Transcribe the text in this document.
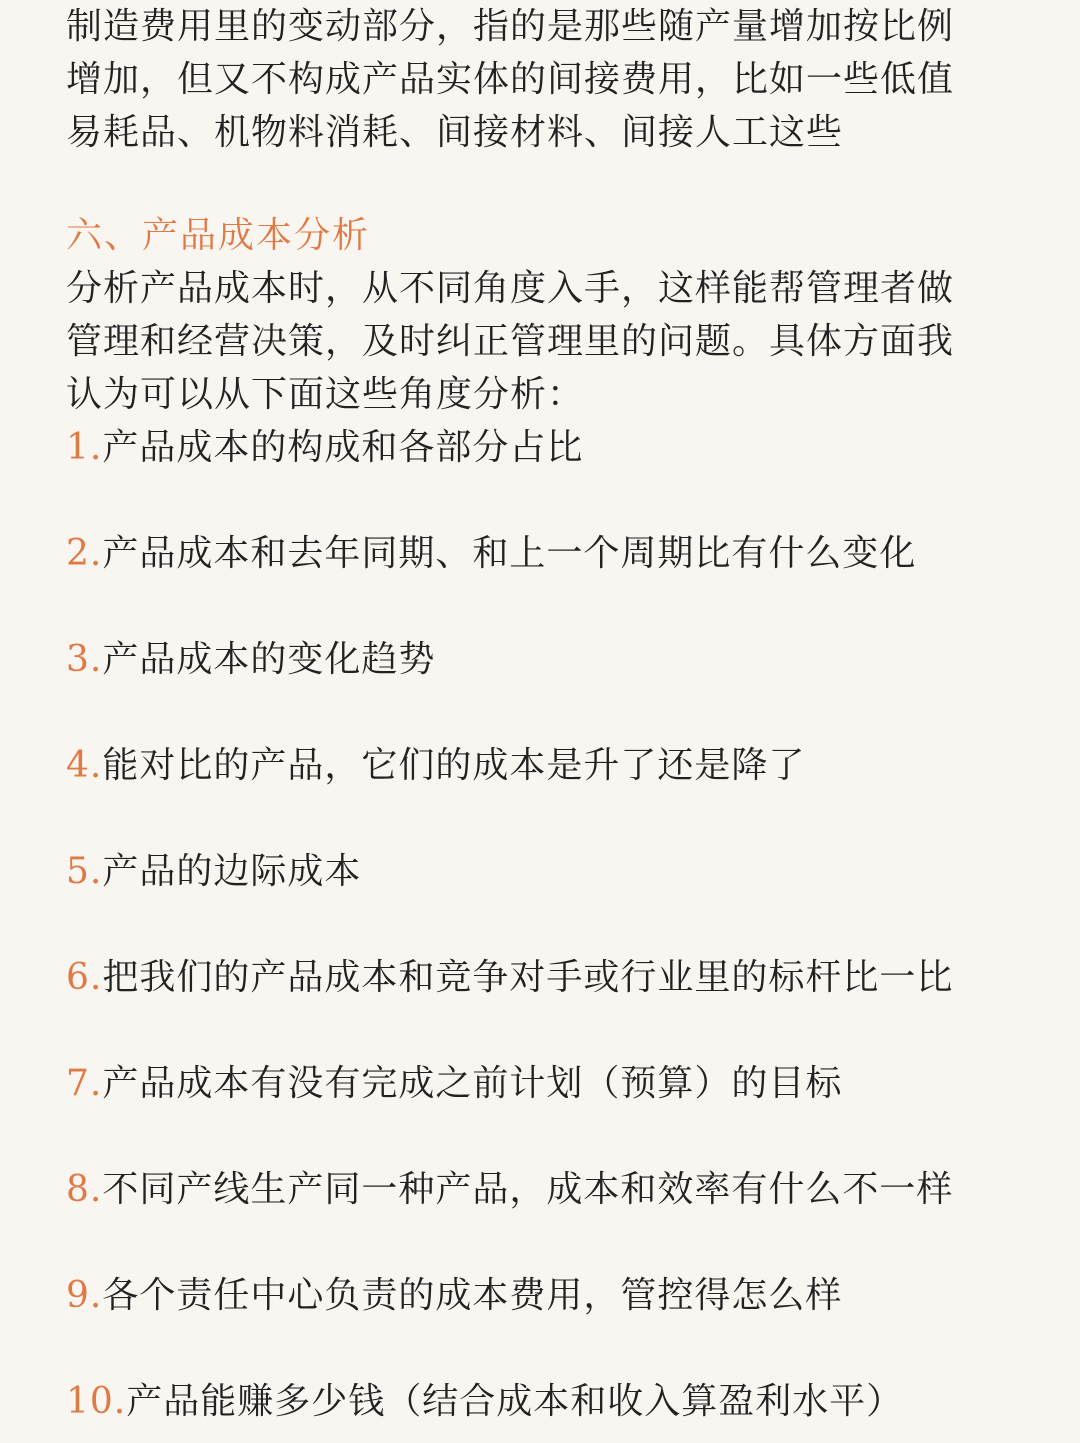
制造费用里的变动部分，指的是那些随产量增加按比例
增加，但又不构成产品实体的间接费用，比如一些低值
易耗品、机物料消耗、间接材料、间接人工这些

六、产品成本分析

分析产品成本时，从不同角度入手，这样能帮管理者做
管理和经营决策，及时纠正管理里的问题。具体方面我
认为可以从下面这些角度分析：

1.产品成本的构成和各部分占比

2.产品成本和去年同期、和上一个周期比有什么变化

3.产品成本的变化趋势

4.能对比的产品，它们的成本是升了还是降了

5.产品的边际成本

6.把我们的产品成本和竞争对手或行业里的标杆比一比

7.产品成本有没有完成之前计划（预算）的目标

8.不同产线生产同一种产品，成本和效率有什么不一样

9.各个责任中心负责的成本费用，管控得怎么样

10.产品能赚多少钱（结合成本和收入算盈利水平）
